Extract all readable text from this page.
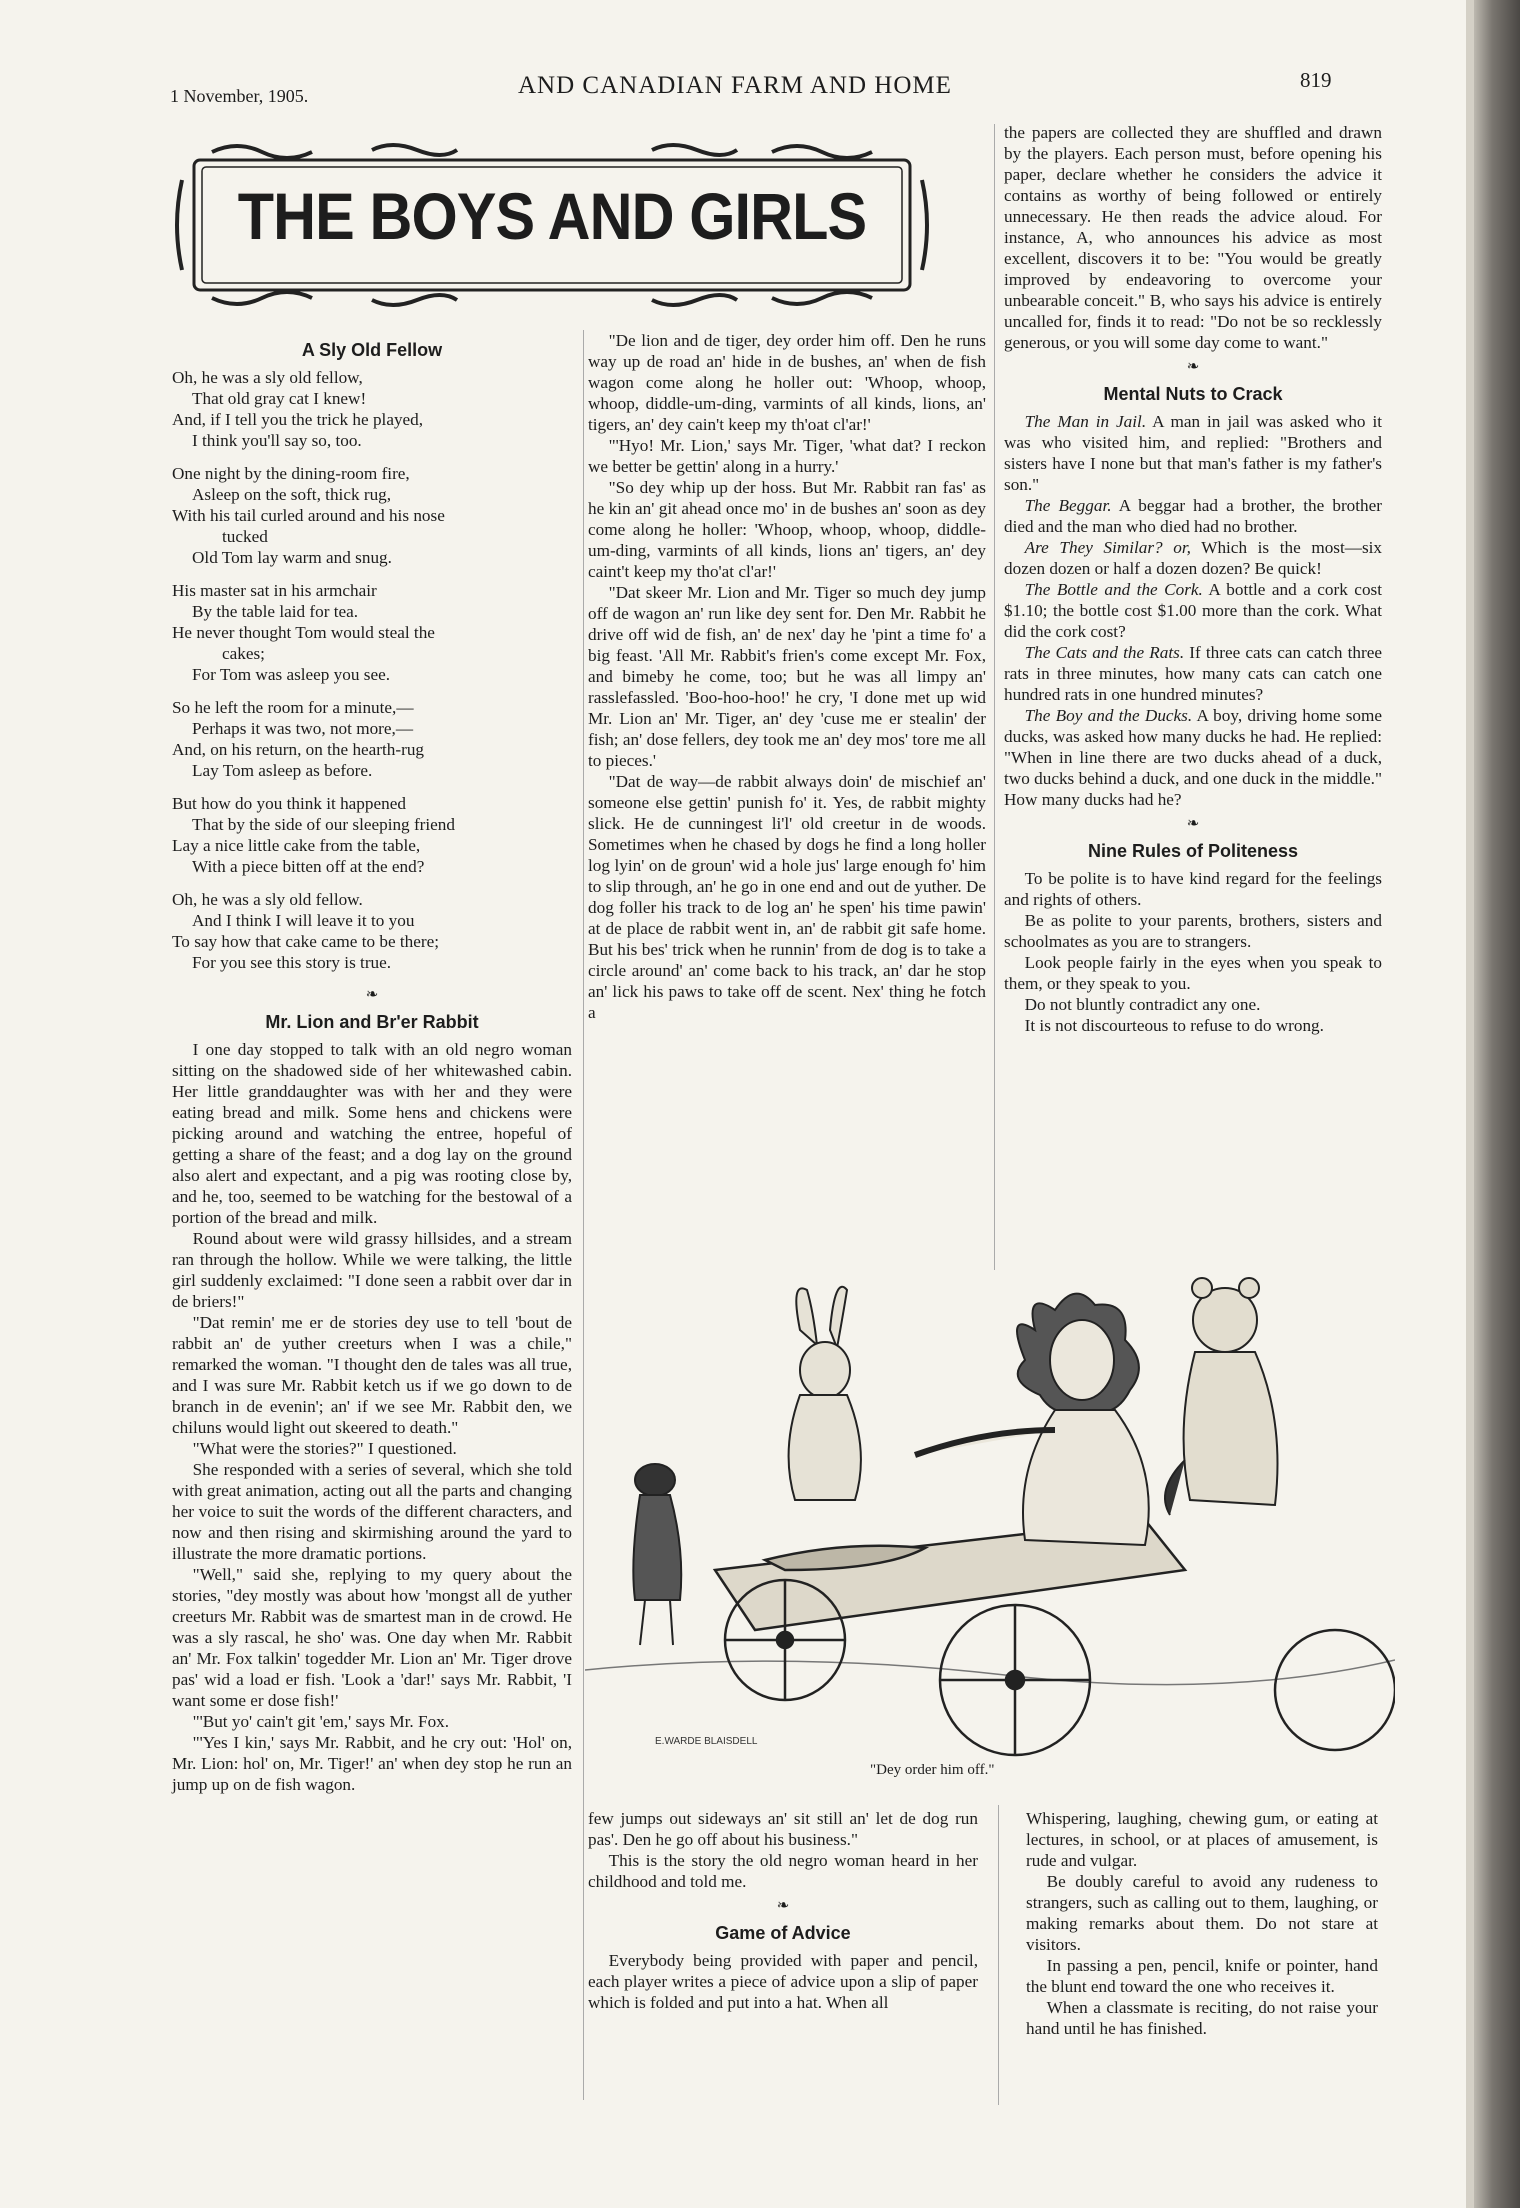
1 November, 1905.	AND CANADIAN FARM AND HOME	819
THE BOYS AND GIRLS
A Sly Old Fellow
Oh, he was a sly old fellow,
That old gray cat I knew!
And, if I tell you the trick he played,
I think you'll say so, too.
One night by the dining-room fire,
Asleep on the soft, thick rug,
With his tail curled around and his nose
tucked
Old Tom lay warm and snug.
His master sat in his armchair
By the table laid for tea.
He never thought Tom would steal the
cakes;
For Tom was asleep you see.
So he left the room for a minute,—
Perhaps it was two, not more,—
And, on his return, on the hearth-rug
Lay Tom asleep as before.
But how do you think it happened
That by the side of our sleeping friend
Lay a nice little cake from the table,
With a piece bitten off at the end?
Oh, he was a sly old fellow.
And I think I will leave it to you
To say how that cake came to be there;
For you see this story is true.
❧
Mr. Lion and Br'er Rabbit

I one day stopped to talk with an old negro woman sitting on the shadowed side of her whitewashed cabin. Her little granddaughter was with her and they were eating bread and milk. Some hens and chickens were picking around and watching the entree, hopeful of getting a share of the feast; and a dog lay on the ground also alert and expectant, and a pig was rooting close by, and he, too, seemed to be watching for the bestowal of a portion of the bread and milk.

Round about were wild grassy hillsides, and a stream ran through the hollow. While we were talking, the little girl suddenly exclaimed: "I done seen a rabbit over dar in de briers!"

"Dat remin' me er de stories dey use to tell 'bout de rabbit an' de yuther creeturs when I was a chile," remarked the woman. "I thought den de tales was all true, and I was sure Mr. Rabbit ketch us if we go down to de branch in de evenin'; an' if we see Mr. Rabbit den, we chiluns would light out skeered to death."

"What were the stories?" I questioned.

She responded with a series of several, which she told with great animation, acting out all the parts and changing her voice to suit the words of the different characters, and now and then rising and skirmishing around the yard to illustrate the more dramatic portions.

"Well," said she, replying to my query about the stories, "dey mostly was about how 'mongst all de yuther creeturs Mr. Rabbit was de smartest man in de crowd. He was a sly rascal, he sho' was. One day when Mr. Rabbit an' Mr. Fox talkin' togedder Mr. Lion an' Mr. Tiger drove pas' wid a load er fish. 'Look a 'dar!' says Mr. Rabbit, 'I want some er dose fish!'

"'But yo' cain't git 'em,' says Mr. Fox.

"'Yes I kin,' says Mr. Rabbit, and he cry out: 'Hol' on, Mr. Lion: hol' on, Mr. Tiger!' an' when dey stop he run an jump up on de fish wagon.

"De lion and de tiger, dey order him off. Den he runs way up de road an' hide in de bushes, an' when de fish wagon come along he holler out: 'Whoop, whoop, whoop, diddle-um-ding, varmints of all kinds, lions, an' tigers, an' dey cain't keep my th'oat cl'ar!'

"'Hyo! Mr. Lion,' says Mr. Tiger, 'what dat? I reckon we better be gettin' along in a hurry.'

"So dey whip up der hoss. But Mr. Rabbit ran fas' as he kin an' git ahead once mo' in de bushes an' soon as dey come along he holler: 'Whoop, whoop, whoop, diddle-um-ding, varmints of all kinds, lions an' tigers, an' dey caint't keep my tho'at cl'ar!'

"Dat skeer Mr. Lion and Mr. Tiger so much dey jump off de wagon an' run like dey sent for. Den Mr. Rabbit he drive off wid de fish, an' de nex' day he 'pint a time fo' a big feast. 'All Mr. Rabbit's frien's come except Mr. Fox, and bimeby he come, too; but he was all limpy an' rasslefassled. 'Boo-hoo-hoo!' he cry, 'I done met up wid Mr. Lion an' Mr. Tiger, an' dey 'cuse me er stealin' der fish; an' dose fellers, dey took me an' dey mos' tore me all to pieces.'

"Dat de way—de rabbit always doin' de mischief an' someone else gettin' punish fo' it. Yes, de rabbit mighty slick. He de cunningest li'l' old creetur in de woods. Sometimes when he chased by dogs he find a long holler log lyin' on de groun' wid a hole jus' large enough fo' him to slip through, an' he go in one end and out de yuther. De dog foller his track to de log an' he spen' his time pawin' at de place de rabbit went in, an' de rabbit git safe home. But his bes' trick when he runnin' from de dog is to take a circle around' an' come back to his track, an' dar he stop an' lick his paws to take off de scent. Nex' thing he fotch a

the papers are collected they are shuffled and drawn by the players. Each person must, before opening his paper, declare whether he considers the advice it contains as worthy of being followed or entirely unnecessary. He then reads the advice aloud. For instance, A, who announces his advice as most excellent, discovers it to be: "You would be greatly improved by endeavoring to overcome your unbearable conceit." B, who says his advice is entirely uncalled for, finds it to read: "Do not be so recklessly generous, or you will some day come to want."

❧
Mental Nuts to Crack

The Man in Jail. A man in jail was asked who it was who visited him, and replied: "Brothers and sisters have I none but that man's father is my father's son."

The Beggar. A beggar had a brother, the brother died and the man who died had no brother.

Are They Similar? or, Which is the most—six dozen dozen or half a dozen dozen? Be quick!

The Bottle and the Cork. A bottle and a cork cost $1.10; the bottle cost $1.00 more than the cork. What did the cork cost?

The Cats and the Rats. If three cats can catch three rats in three minutes, how many cats can catch one hundred rats in one hundred minutes?

The Boy and the Ducks. A boy, driving home some ducks, was asked how many ducks he had. He replied: "When in line there are two ducks ahead of a duck, two ducks behind a duck, and one duck in the middle." How many ducks had he?

❧
Nine Rules of Politeness

To be polite is to have kind regard for the feelings and rights of others.

Be as polite to your parents, brothers, sisters and schoolmates as you are to strangers.

Look people fairly in the eyes when you speak to them, or they speak to you.

Do not bluntly contradict any one.

It is not discourteous to refuse to do wrong.

E.WARDE BLAISDELL
"Dey order him off."

few jumps out sideways an' sit still an' let de dog run pas'. Den he go off about his business."

This is the story the old negro woman heard in her childhood and told me.

❧
Game of Advice

Everybody being provided with paper and pencil, each player writes a piece of advice upon a slip of paper which is folded and put into a hat. When all

Whispering, laughing, chewing gum, or eating at lectures, in school, or at places of amusement, is rude and vulgar.

Be doubly careful to avoid any rudeness to strangers, such as calling out to them, laughing, or making remarks about them. Do not stare at visitors.

In passing a pen, pencil, knife or pointer, hand the blunt end toward the one who receives it.

When a classmate is reciting, do not raise your hand until he has finished.
